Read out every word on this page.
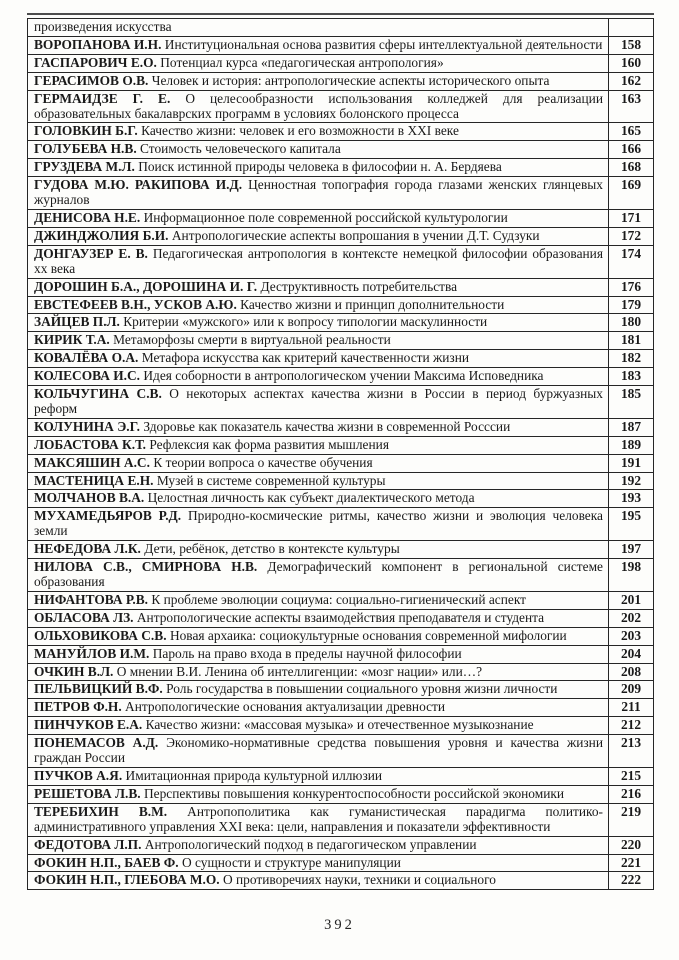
произведения искусства	
ВОРОПАНОВА И.Н. Институциональная основа развития сферы интеллектуальной деятельности	158
ГАСПАРОВИЧ Е.О. Потенциал курса «педагогическая антропология»	160
ГЕРАСИМОВ О.В. Человек и история: антропологические аспекты исторического опыта	162
ГЕРМАИДЗЕ Г. Е. О целесообразности использования колледжей для реализации образовательных бакалаврских программ в условиях болонского процесса	163
ГОЛОВКИН Б.Г. Качество жизни: человек и его возможности в XXI веке	165
ГОЛУБЕВА Н.В. Стоимость человеческого капитала	166
ГРУЗДЕВА М.Л. Поиск истинной природы человека в философии н. А. Бердяева	168
ГУДОВА М.Ю. РАКИПОВА И.Д. Ценностная топография города глазами женских глянцевых журналов	169
ДЕНИСОВА Н.Е. Информационное поле современной российской культурологии	171
ДЖИНДЖОЛИЯ Б.И. Антропологические аспекты вопрошания в учении Д.Т. Судзуки	172
ДОНГАУЗЕР Е. В. Педагогическая антропология в контексте немецкой философии образования хх века	174
ДОРОШИН Б.А., ДОРОШИНА И. Г. Деструктивность потребительства	176
ЕВСТЕФЕЕВ В.Н., УСКОВ А.Ю. Качество жизни и принцип дополнительности	179
ЗАЙЦЕВ П.Л. Критерии «мужского» или к вопросу типологии маскулинности	180
КИРИК Т.А. Метаморфозы смерти в виртуальной реальности	181
КОВАЛЁВА О.А. Метафора искусства как критерий качественности жизни	182
КОЛЕСОВА И.С. Идея соборности в антропологическом учении Максима Исповедника	183
КОЛЬЧУГИНА С.В. О некоторых аспектах качества жизни в России в период буржуазных реформ	185
КОЛУНИНА Э.Г. Здоровье как показатель качества жизни в современной Росссии	187
ЛОБАСТОВА К.Т. Рефлексия как форма развития мышления	189
МАКСЯШИН А.С. К теории вопроса о качестве обучения	191
МАСТЕНИЦА Е.Н. Музей в системе современной культуры	192
МОЛЧАНОВ В.А. Целостная личность как субъект диалектического метода	193
МУХАМЕДЬЯРОВ Р.Д. Природно-космические ритмы, качество жизни и эволюция человека земли	195
НЕФЕДОВА Л.К. Дети, ребёнок, детство в контексте культуры	197
НИЛОВА С.В., СМИРНОВА Н.В. Демографический компонент в региональной системе образования	198
НИФАНТОВА Р.В. К проблеме эволюции социума: социально-гигиенический аспект	201
ОБЛАСОВА ЛЗ. Антропологические аспекты взаимодействия преподавателя и студента	202
ОЛЬХОВИКОВА С.В. Новая архаика: социокультурные основания современной мифологии	203
МАНУЙЛОВ И.М. Пароль на право входа в пределы научной философии	204
ОЧКИН В.Л. О мнении В.И. Ленина об интеллигенции: «мозг нации» или…?	208
ПЕЛЬВИЦКИЙ В.Ф. Роль государства в повышении социального уровня жизни личности	209
ПЕТРОВ Ф.Н. Антропологические основания актуализации древности	211
ПИНЧУКОВ Е.А. Качество жизни: «массовая музыка» и отечественное музыкознание	212
ПОНЕМАСОВ А.Д. Экономико-нормативные средства повышения уровня и качества жизни граждан России	213
ПУЧКОВ А.Я. Имитационная природа культурной иллюзии	215
РЕШЕТОВА Л.В. Перспективы повышения конкурентоспособности российской экономики	216
ТЕРЕБИХИН В.М. Антропополитика как гуманистическая парадигма политико-административного управления XXI века: цели, направления и показатели эффективности	219
ФЕДОТОВА Л.П. Антропологический подход в педагогическом управлении	220
ФОКИН Н.П., БАЕВ Ф. О сущности и структуре манипуляции	221
ФОКИН Н.П., ГЛЕБОВА М.О. О противоречиях науки, техники и социального	222
392
